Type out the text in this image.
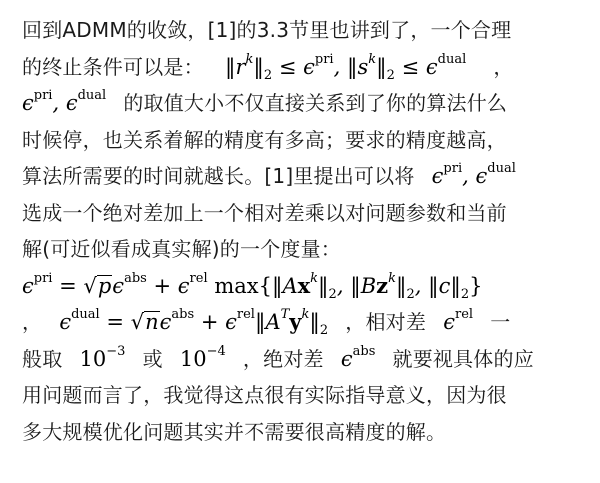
回到ADMM的收敛，[1]的3.3节里也讲到了，一个合理
的终止条件可以是： $‖r^k‖_2 \le \epsilon^{pri}$, $‖s^k‖_2 \le \epsilon^{dual}$ ，
$\epsilon^{pri}$, $\epsilon^{dual}$ 的取值大小不仅直接关系到了你的算法什么
时候停，也关系着解的精度有多高；要求的精度越高，
算法所需要的时间就越长。[1]里提出可以将 $\epsilon^{pri}$, $\epsilon^{dual}$
选成一个绝对差加上一个相对差乘以对问题参数和当前
解(可近似看成真实解)的一个度量：
$\epsilon^{pri} = √p\epsilon^{abs} + \epsilon^{rel}$ $\max\{‖Ax^k‖_2$, $‖Bz^k‖_2$, $‖c‖_2$}
， $\epsilon^{dual} = √n\epsilon^{abs}$ + $\epsilon^{rel}‖A^Ty^k‖_2$ ，相对差 $\epsilon^{rel}$ 一
般取 $10^{-3}$ 或 $10^{-4}$ ，绝对差 $\epsilon^{abs}$ 就要视具体的应
用问题而言了，我觉得这点很有实际指导意义，因为很
多大规模优化问题其实并不需要很高精度的解。
